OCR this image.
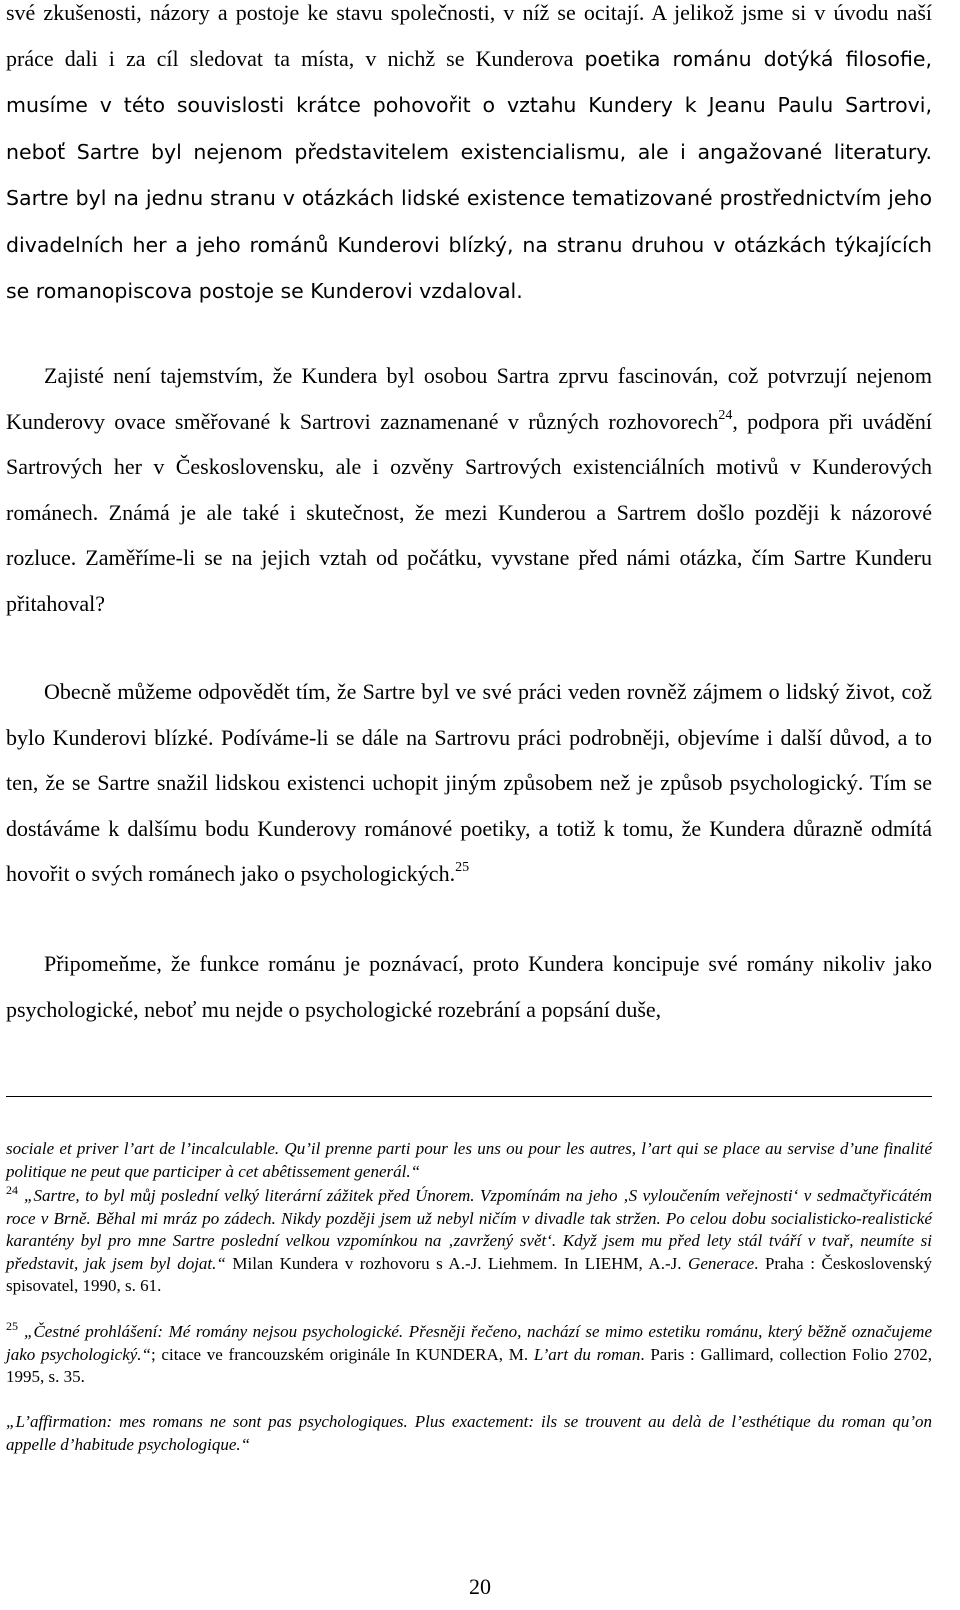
své zkušenosti, názory a postoje ke stavu společnosti, v níž se ocitají. A jelikož jsme si v úvodu naší práce dali i za cíl sledovat ta místa, v nichž se Kunderova poetika románu dotýká filosofie, musíme v této souvislosti krátce pohovořit o vztahu Kundery k Jeanu Paulu Sartrovi, neboť Sartre byl nejenom představitelem existencialismu, ale i angažované literatury. Sartre byl na jednu stranu v otázkách lidské existence tematizované prostřednictvím jeho divadelních her a jeho románů Kunderovi blízký, na stranu druhou v otázkách týkajících se romanopiscova postoje se Kunderovi vzdaloval.

Zajisté není tajemstvím, že Kundera byl osobou Sartra zprvu fascinován, což potvrzují nejenom Kunderovy ovace směřované k Sartrovi zaznamenané v různých rozhovorech$^{24}$, podpora při uvádění Sartrových her v Československu, ale i ozvěny Sartrových existenciálních motivů v Kunderových románech. Známá je ale také i skutečnost, že mezi Kunderou a Sartrem došlo později k názorové rozluce. Zaměříme-li se na jejich vztah od počátku, vyvstane před námi otázka, čím Sartre Kunderu přitahoval?

Obecně můžeme odpovědět tím, že Sartre byl ve své práci veden rovněž zájmem o lidský život, což bylo Kunderovi blízké. Podíváme-li se dále na Sartrovu práci podrobněji, objevíme i další důvod, a to ten, že se Sartre snažil lidskou existenci uchopit jiným způsobem než je způsob psychologický. Tím se dostáváme k dalšímu bodu Kunderovy románové poetiky, a totiž k tomu, že Kundera důrazně odmítá hovořit o svých románech jako o psychologických.$^{25}$

Připomeňme, že funkce románu je poznávací, proto Kundera koncipuje své romány nikoliv jako psychologické, neboť mu nejde o psychologické rozebrání a popsání duše,

sociale et priver l’art de l’incalculable. Qu’il prenne parti pour les uns ou pour les autres, l’art qui se place au servise d’une finalité politique ne peut que participer à cet abêtissement generál.“

$^{24}$ „Sartre, to byl můj poslední velký literární zážitek před Únorem. Vzpomínám na jeho ‚S vyloučením veřejnosti‘ v sedmačtyřicátém roce v Brně. Běhal mi mráz po zádech. Nikdy později jsem už nebyl ničím v divadle tak stržen. Po celou dobu socialisticko-realistické karantény byl pro mne Sartre poslední velkou vzpomínkou na ‚zavržený svět‘. Když jsem mu před lety stál tváří v tvař, neumíte si představit, jak jsem byl dojat.“ Milan Kundera v rozhovoru s A.-J. Liehmem. In LIEHM, A.-J. Generace. Praha : Československý spisovatel, 1990, s. 61.

$^{25}$ „Čestné prohlášení: Mé romány nejsou psychologické. Přesněji řečeno, nachází se mimo estetiku románu, který běžně označujeme jako psychologický.“; citace ve francouzském originále In KUNDERA, M. L’art du roman. Paris : Gallimard, collection Folio 2702, 1995, s. 35.

„L’affirmation: mes romans ne sont pas psychologiques. Plus exactement: ils se trouvent au delà de l’esthétique du roman qu’on appelle d’habitude psychologique.“

20
